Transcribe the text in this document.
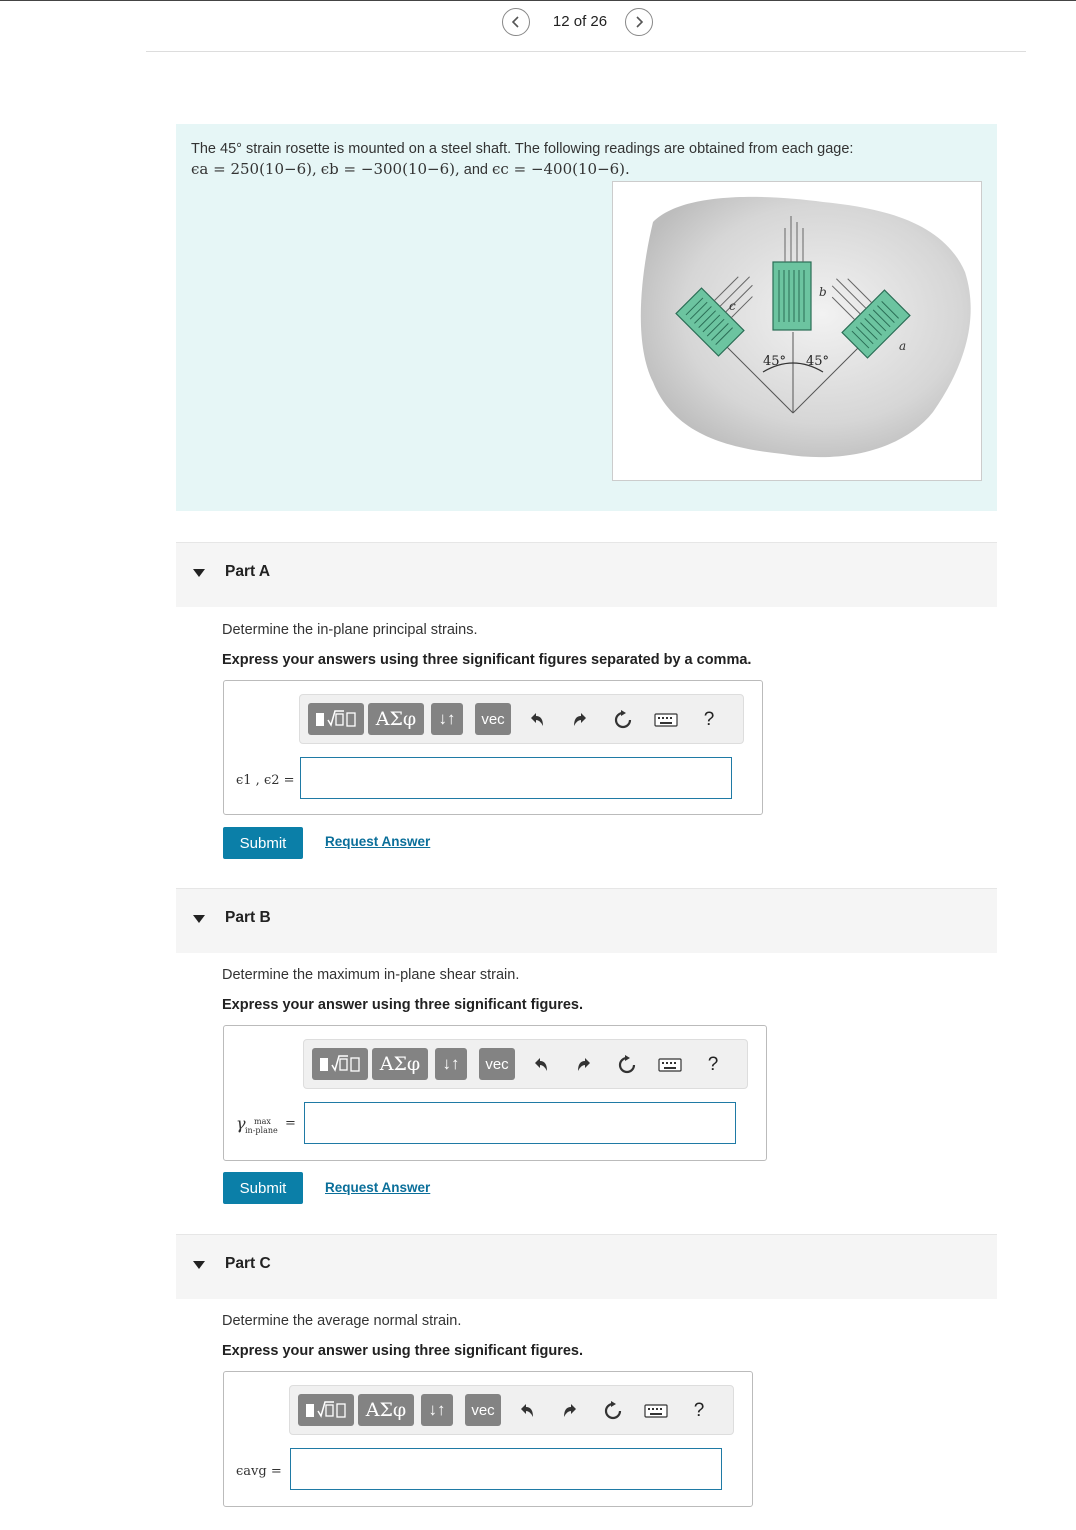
12 of 26
The 45° strain rosette is mounted on a steel shaft. The following readings are obtained from each gage:
ϵa = 250(10−6), ϵb = −300(10−6), and ϵc = −400(10−6).
c
b
a
45° 45°
Part A
Determine the in-plane principal strains.
Express your answers using three significant figures separated by a comma.
ΑΣφ	↓↑	vec	?
ϵ1 , ϵ2 =
Submit	Request Answer
Part B
Determine the maximum in-plane shear strain.
Express your answer using three significant figures.
ΑΣφ	↓↑	vec	?
γ max
in-plane =
Submit	Request Answer
Part C
Determine the average normal strain.
Express your answer using three significant figures.
ΑΣφ	↓↑	vec	?
ϵavg =
